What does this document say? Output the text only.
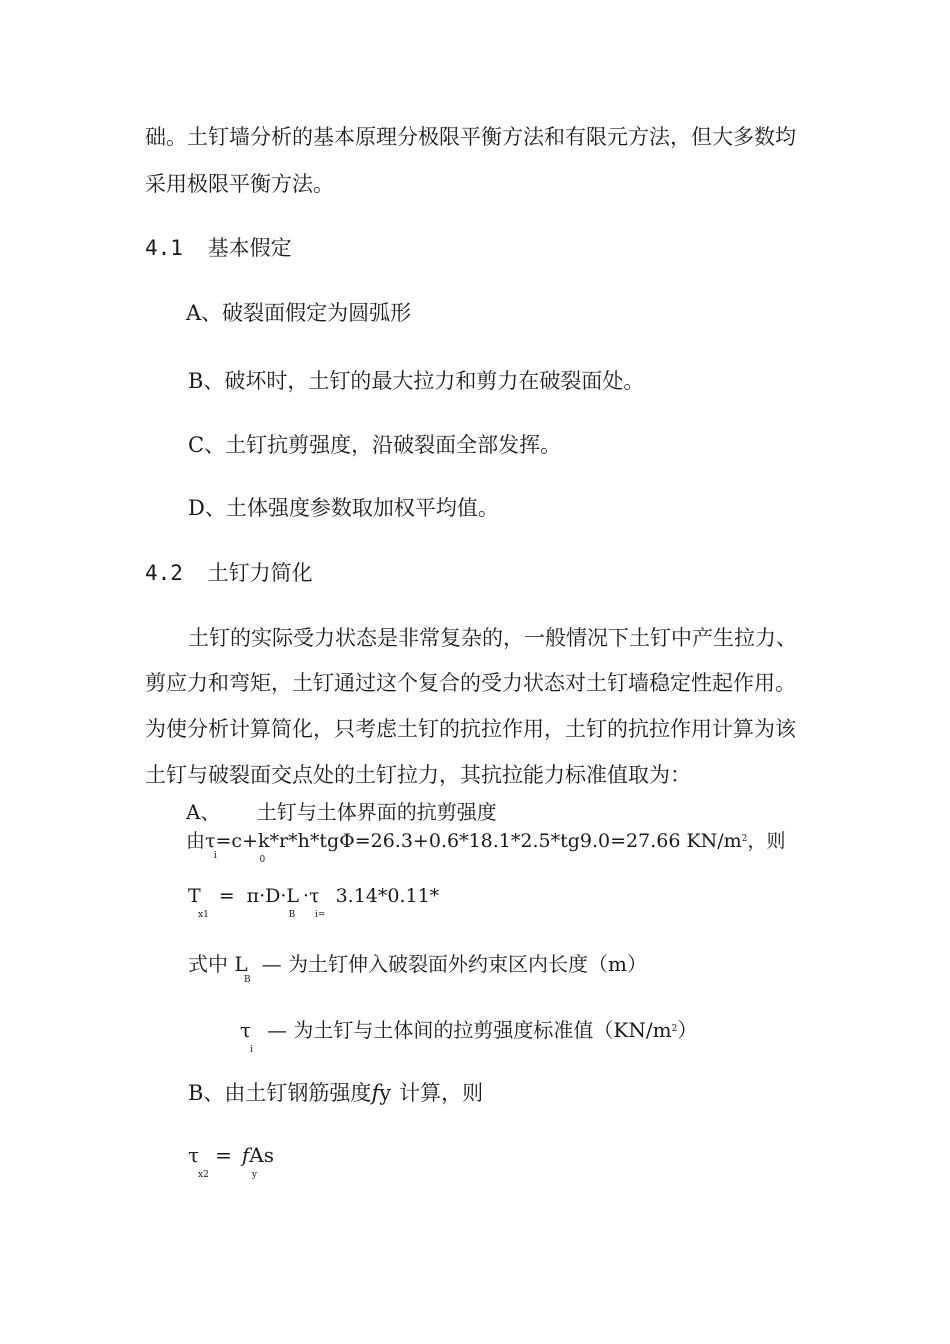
础。土钉墙分析的基本原理分极限平衡方法和有限元方法，但大多数均
采用极限平衡方法。
4.1 基本假定
A、破裂面假定为圆弧形
B、破坏时，土钉的最大拉力和剪力在破裂面处。
C、土钉抗剪强度，沿破裂面全部发挥。
D、土体强度参数取加权平均值。
4.2 土钉力简化
土钉的实际受力状态是非常复杂的，一般情况下土钉中产生拉力、
剪应力和弯矩，土钉通过这个复合的受力状态对土钉墙稳定性起作用。
为使分析计算简化，只考虑土钉的抗拉作用，土钉的抗拉作用计算为该
土钉与破裂面交点处的土钉拉力，其抗拉能力标准值取为：
A、 土钉与土体界面的抗剪强度
由τ
i
=c+k
0
*r*h*tgΦ=26.3+0.6*18.1*2.5*tg9.0=27.66 $KN/m^2$，则
T
x1
= π·D·L
B
·τ
i=
3.14*0.11*
式中 L
B
— 为土钉伸入破裂面外约束区内长度（m）
τ
i
— 为土钉与土体间的拉剪强度标准值$(KN/m^2)$
B、由土钉钢筋强度fy 计算，则
τ
x2
= f
y
As
